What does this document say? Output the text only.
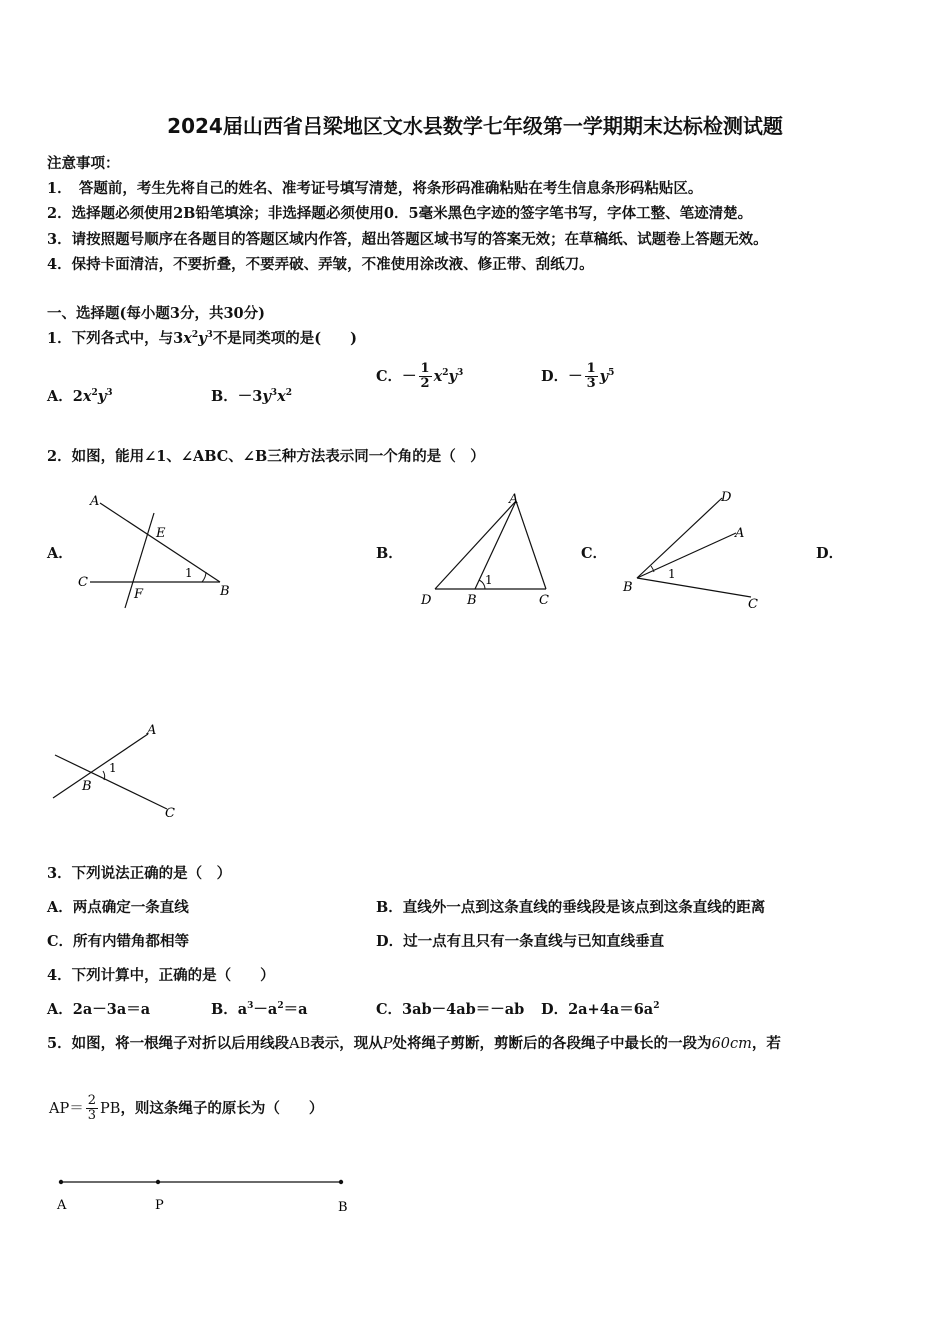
2024届山西省吕梁地区文水县数学七年级第一学期期末达标检测试题
注意事项：
1．　答题前，考生先将自己的姓名、准考证号填写清楚，将条形码准确粘贴在考生信息条形码粘贴区。
2．选择题必须使用2B铅笔填涂；非选择题必须使用0．5毫米黑色字迹的签字笔书写，字体工整、笔迹清楚。
3．请按照题号顺序在各题目的答题区域内作答，超出答题区域书写的答案无效；在草稿纸、试题卷上答题无效。
4．保持卡面清洁，不要折叠，不要弄破、弄皱，不准使用涂改液、修正带、刮纸刀。
一、选择题(每小题3分，共30分)
1．下列各式中，与$3x^2y^3$不是同类项的是(　　)
A．$2x^2y^3$	B．$-3y^3x^2$
C．－ $\frac{1}{2} x^2y^3$	D．－ $\frac{1}{3} y^5$
2．如图，能用∠1、∠ABC、∠B三种方法表示同一个角的是（　）
A．
A
E
C
F	B
1
B．
A
D	B	C
1
C．
D
A
B
C
1
D．
A
B
C
1
3．下列说法正确的是（　）
A．两点确定一条直线	B．直线外一点到这条直线的垂线段是该点到这条直线的距离
C．所有内错角都相等	D．过一点有且只有一条直线与已知直线垂直
4．下列计算中，正确的是（　　）
A．2a－3a＝a	B．$a^3-a^2=a$	C．3ab－4ab＝－ab D．$2a+4a=6a^2$
5．如图，将一根绳子对折以后用线段AB表示，现从P处将绳子剪断，剪断后的各段绳子中最长的一段为60cm，若
$AP= \frac{2}{3}$ PB，则这条绳子的原长为（　　）
A	P	B
